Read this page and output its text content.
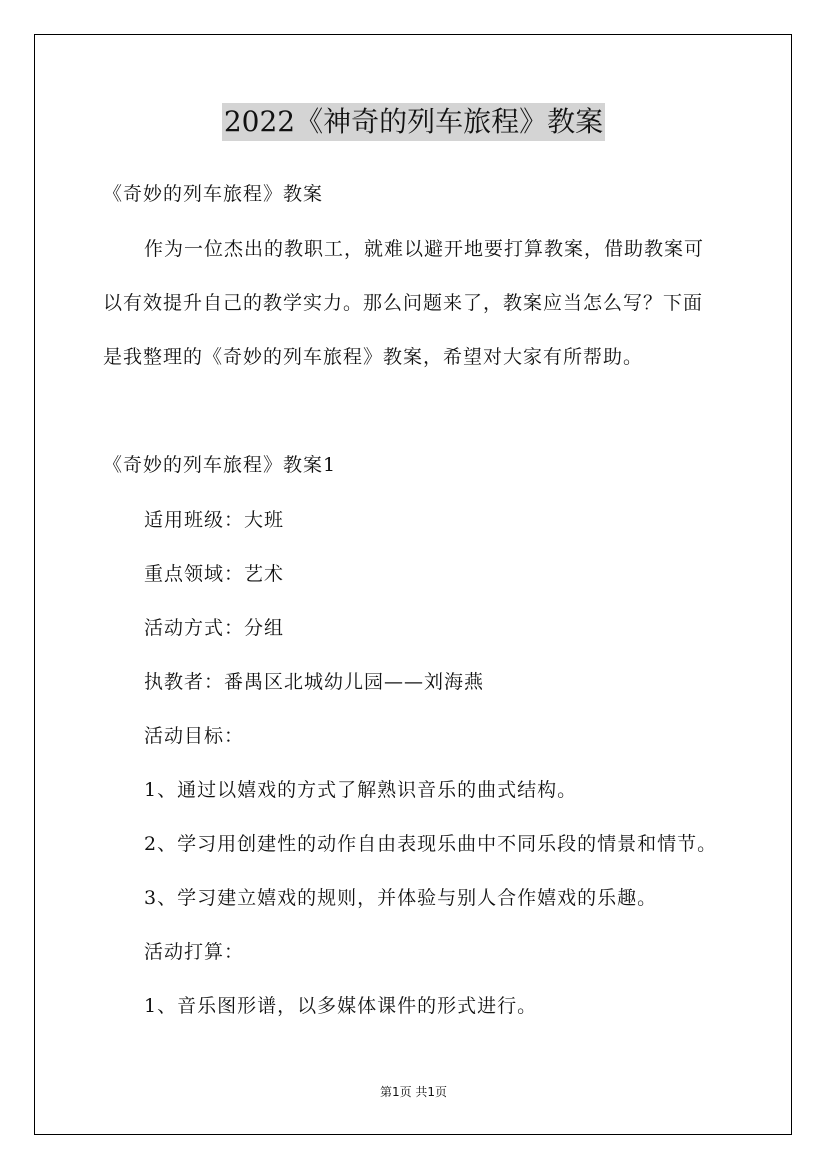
2022《神奇的列车旅程》教案
《奇妙的列车旅程》教案
作为一位杰出的教职工，就难以避开地要打算教案，借助教案可
以有效提升自己的教学实力。那么问题来了，教案应当怎么写？下面
是我整理的《奇妙的列车旅程》教案，希望对大家有所帮助。
《奇妙的列车旅程》教案1
适用班级：大班
重点领域：艺术
活动方式：分组
执教者：番禺区北城幼儿园——刘海燕
活动目标：
1、通过以嬉戏的方式了解熟识音乐的曲式结构。
2、学习用创建性的动作自由表现乐曲中不同乐段的情景和情节。
3、学习建立嬉戏的规则，并体验与别人合作嬉戏的乐趣。
活动打算：
1、音乐图形谱，以多媒体课件的形式进行。
第1页 共1页
